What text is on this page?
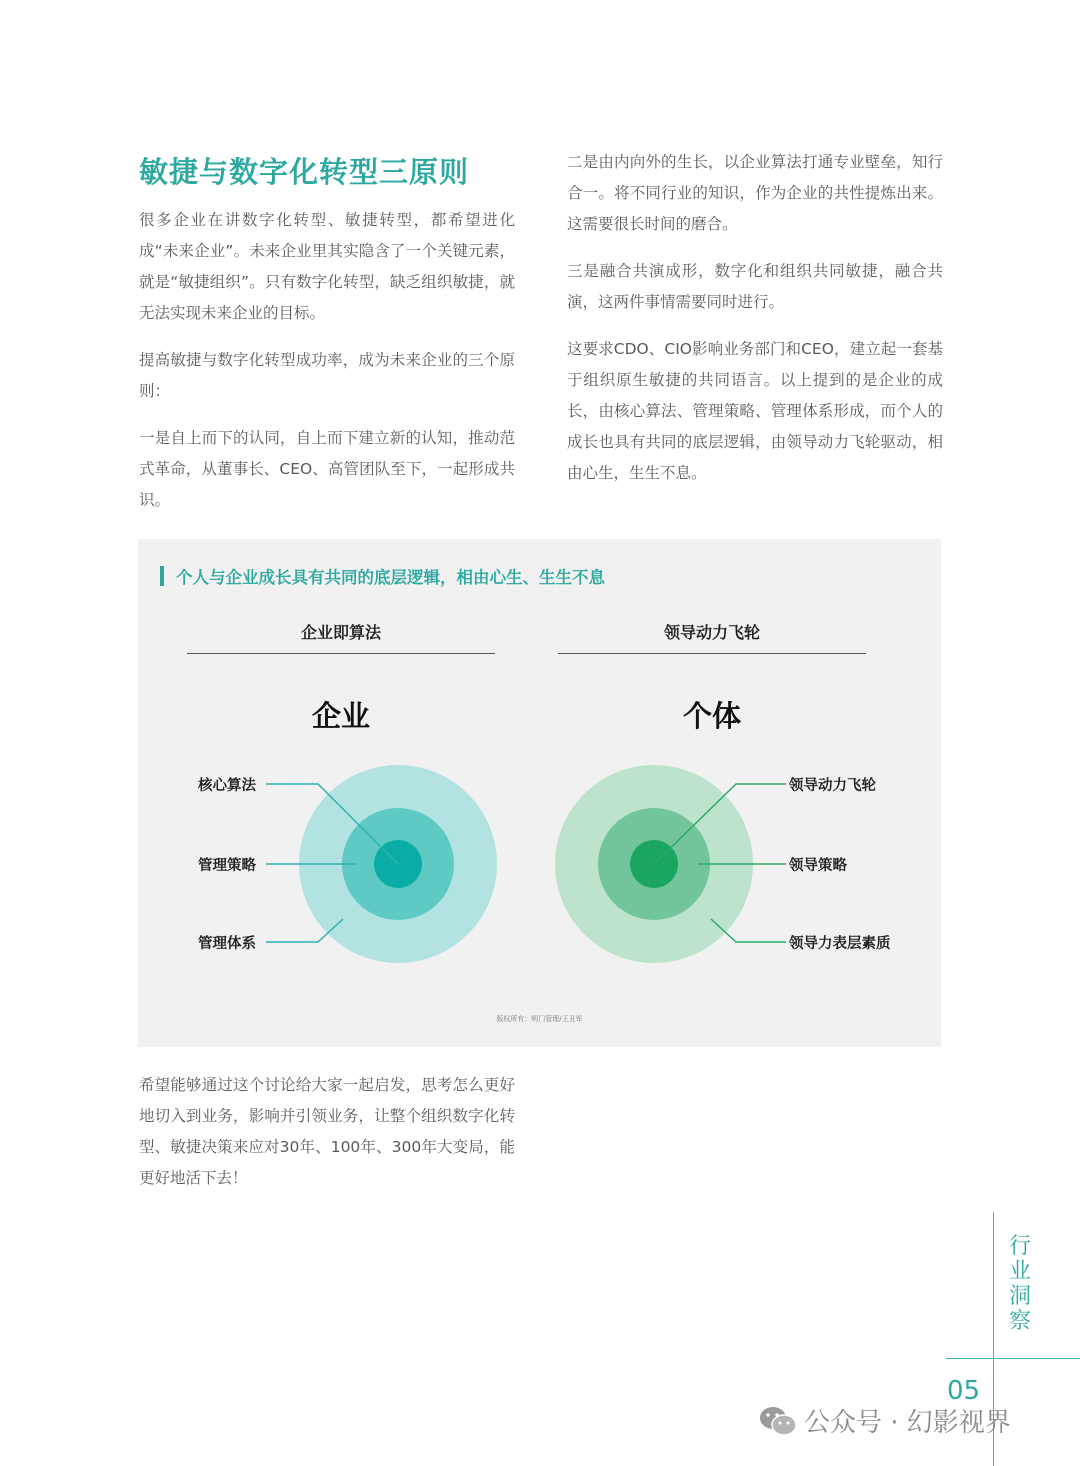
敏捷与数字化转型三原则

很多企业在讲数字化转型、敏捷转型，都希望进化成“未来企业”。未来企业里其实隐含了一个关键元素，就是“敏捷组织”。只有数字化转型，缺乏组织敏捷，就无法实现未来企业的目标。

提高敏捷与数字化转型成功率，成为未来企业的三个原则：

一是自上而下的认同，自上而下建立新的认知，推动范式革命，从董事长、CEO、高管团队至下，一起形成共识。

二是由内向外的生长，以企业算法打通专业壁垒，知行合一。将不同行业的知识，作为企业的共性提炼出来。这需要很长时间的磨合。

三是融合共演成形，数字化和组织共同敏捷，融合共演，这两件事情需要同时进行。

这要求CDO、CIO影响业务部门和CEO，建立起一套基于组织原生敏捷的共同语言。以上提到的是企业的成长，由核心算法、管理策略、管理体系形成，而个人的成长也具有共同的底层逻辑，由领导动力飞轮驱动，相由心生，生生不息。

个人与企业成长具有共同的底层逻辑，相由心生、生生不息
企业即算法	领导动力飞轮
企业	个体
核心算法
管理策略
管理体系
领导动力飞轮
领导策略
领导力表层素质
版权所有：明门管理/王丑军
希望能够通过这个讨论给大家一起启发，思考怎么更好地切入到业务，影响并引领业务，让整个组织数字化转型、敏捷决策来应对30年、100年、300年大变局，能更好地活下去！
行
业
洞
察
05
公众号 · 幻影视界
